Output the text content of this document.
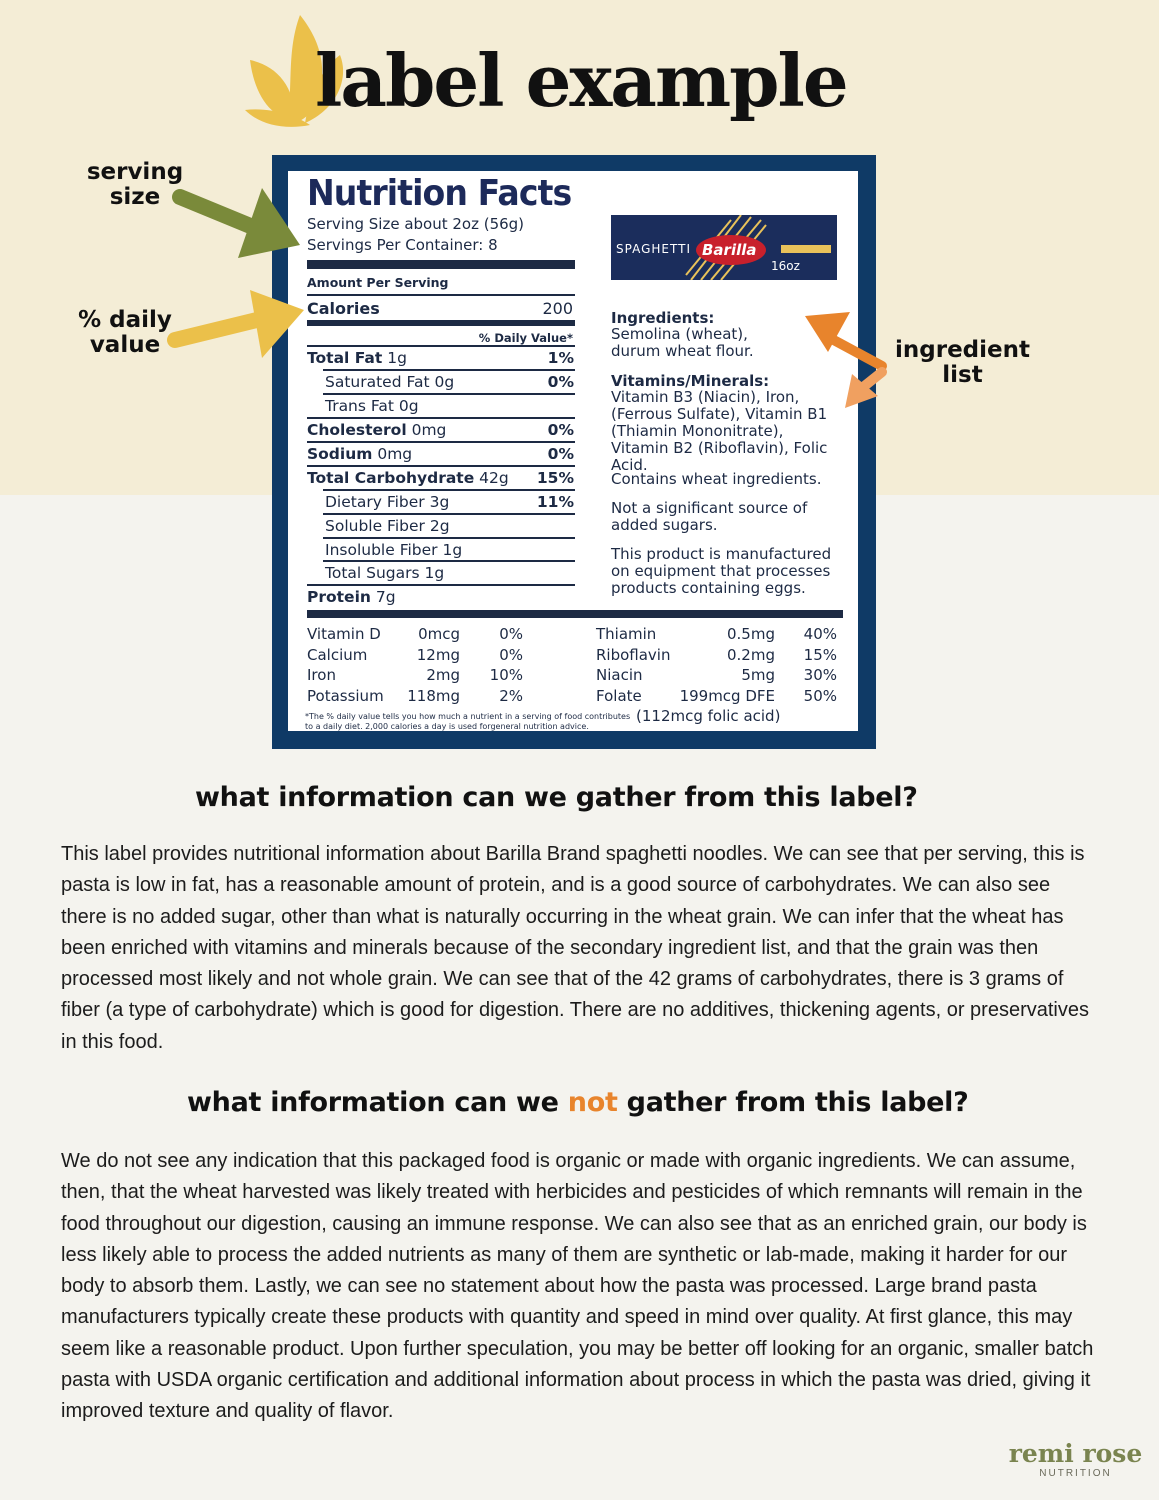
label example
serving
size
% daily
value	ingredient
list
Nutrition Facts
Serving Size about 2oz (56g)
Servings Per Container: 8
Amount Per Serving
Calories	200
% Daily Value*
Total Fat 1g	1%
Saturated Fat 0g	0%
Trans Fat 0g
Cholesterol 0mg	0%
Sodium 0mg	0%
Total Carbohydrate 42g	15%
Dietary Fiber 3g	11%
Soluble Fiber 2g
Insoluble Fiber 1g
Total Sugars 1g
Protein 7g
SPAGHETTI Barilla
16oz
Ingredients:
Semolina (wheat), durum wheat flour.
Vitamins/Minerals:
Vitamin B3 (Niacin), Iron, (Ferrous Sulfate), Vitamin B1 (Thiamin Mononitrate), Vitamin B2 (Riboflavin), Folic Acid.
Contains wheat ingredients.
Not a significant source of added sugars.
This product is manufactured on equipment that processes products containing eggs.
Vitamin D	0mcg	0%
Calcium	12mg	0%
Iron	2mg	10%
Potassium	118mg	2%
Thiamin	0.5mg	40%
Riboflavin	0.2mg	15%
Niacin	5mg	30%
Folate	199mcg DFE	50%
*The % daily value tells you how much a nutrient in a serving of food contributes to a daily diet. 2,000 calories a day is used forgeneral nutrition advice.
(112mcg folic acid)
what information can we gather from this label?
This label provides nutritional information about Barilla Brand spaghetti noodles. We can see that per serving, this is pasta is low in fat, has a reasonable amount of protein, and is a good source of carbohydrates. We can also see there is no added sugar, other than what is naturally occurring in the wheat grain. We can infer that the wheat has been enriched with vitamins and minerals because of the secondary ingredient list, and that the grain was then processed most likely and not whole grain. We can see that of the 42 grams of carbohydrates, there is 3 grams of fiber (a type of carbohydrate) which is good for digestion. There are no additives, thickening agents, or preservatives in this food.
what information can we not gather from this label?
We do not see any indication that this packaged food is organic or made with organic ingredients. We can assume, then, that the wheat harvested was likely treated with herbicides and pesticides of which remnants will remain in the food throughout our digestion, causing an immune response. We can also see that as an enriched grain, our body is less likely able to process the added nutrients as many of them are synthetic or lab-made, making it harder for our body to absorb them. Lastly, we can see no statement about how the pasta was processed. Large brand pasta manufacturers typically create these products with quantity and speed in mind over quality. At first glance, this may seem like a reasonable product. Upon further speculation, you may be better off looking for an organic, smaller batch pasta with USDA organic certification and additional information about process in which the pasta was dried, giving it improved texture and quality of flavor.
remi rose
NUTRITION
